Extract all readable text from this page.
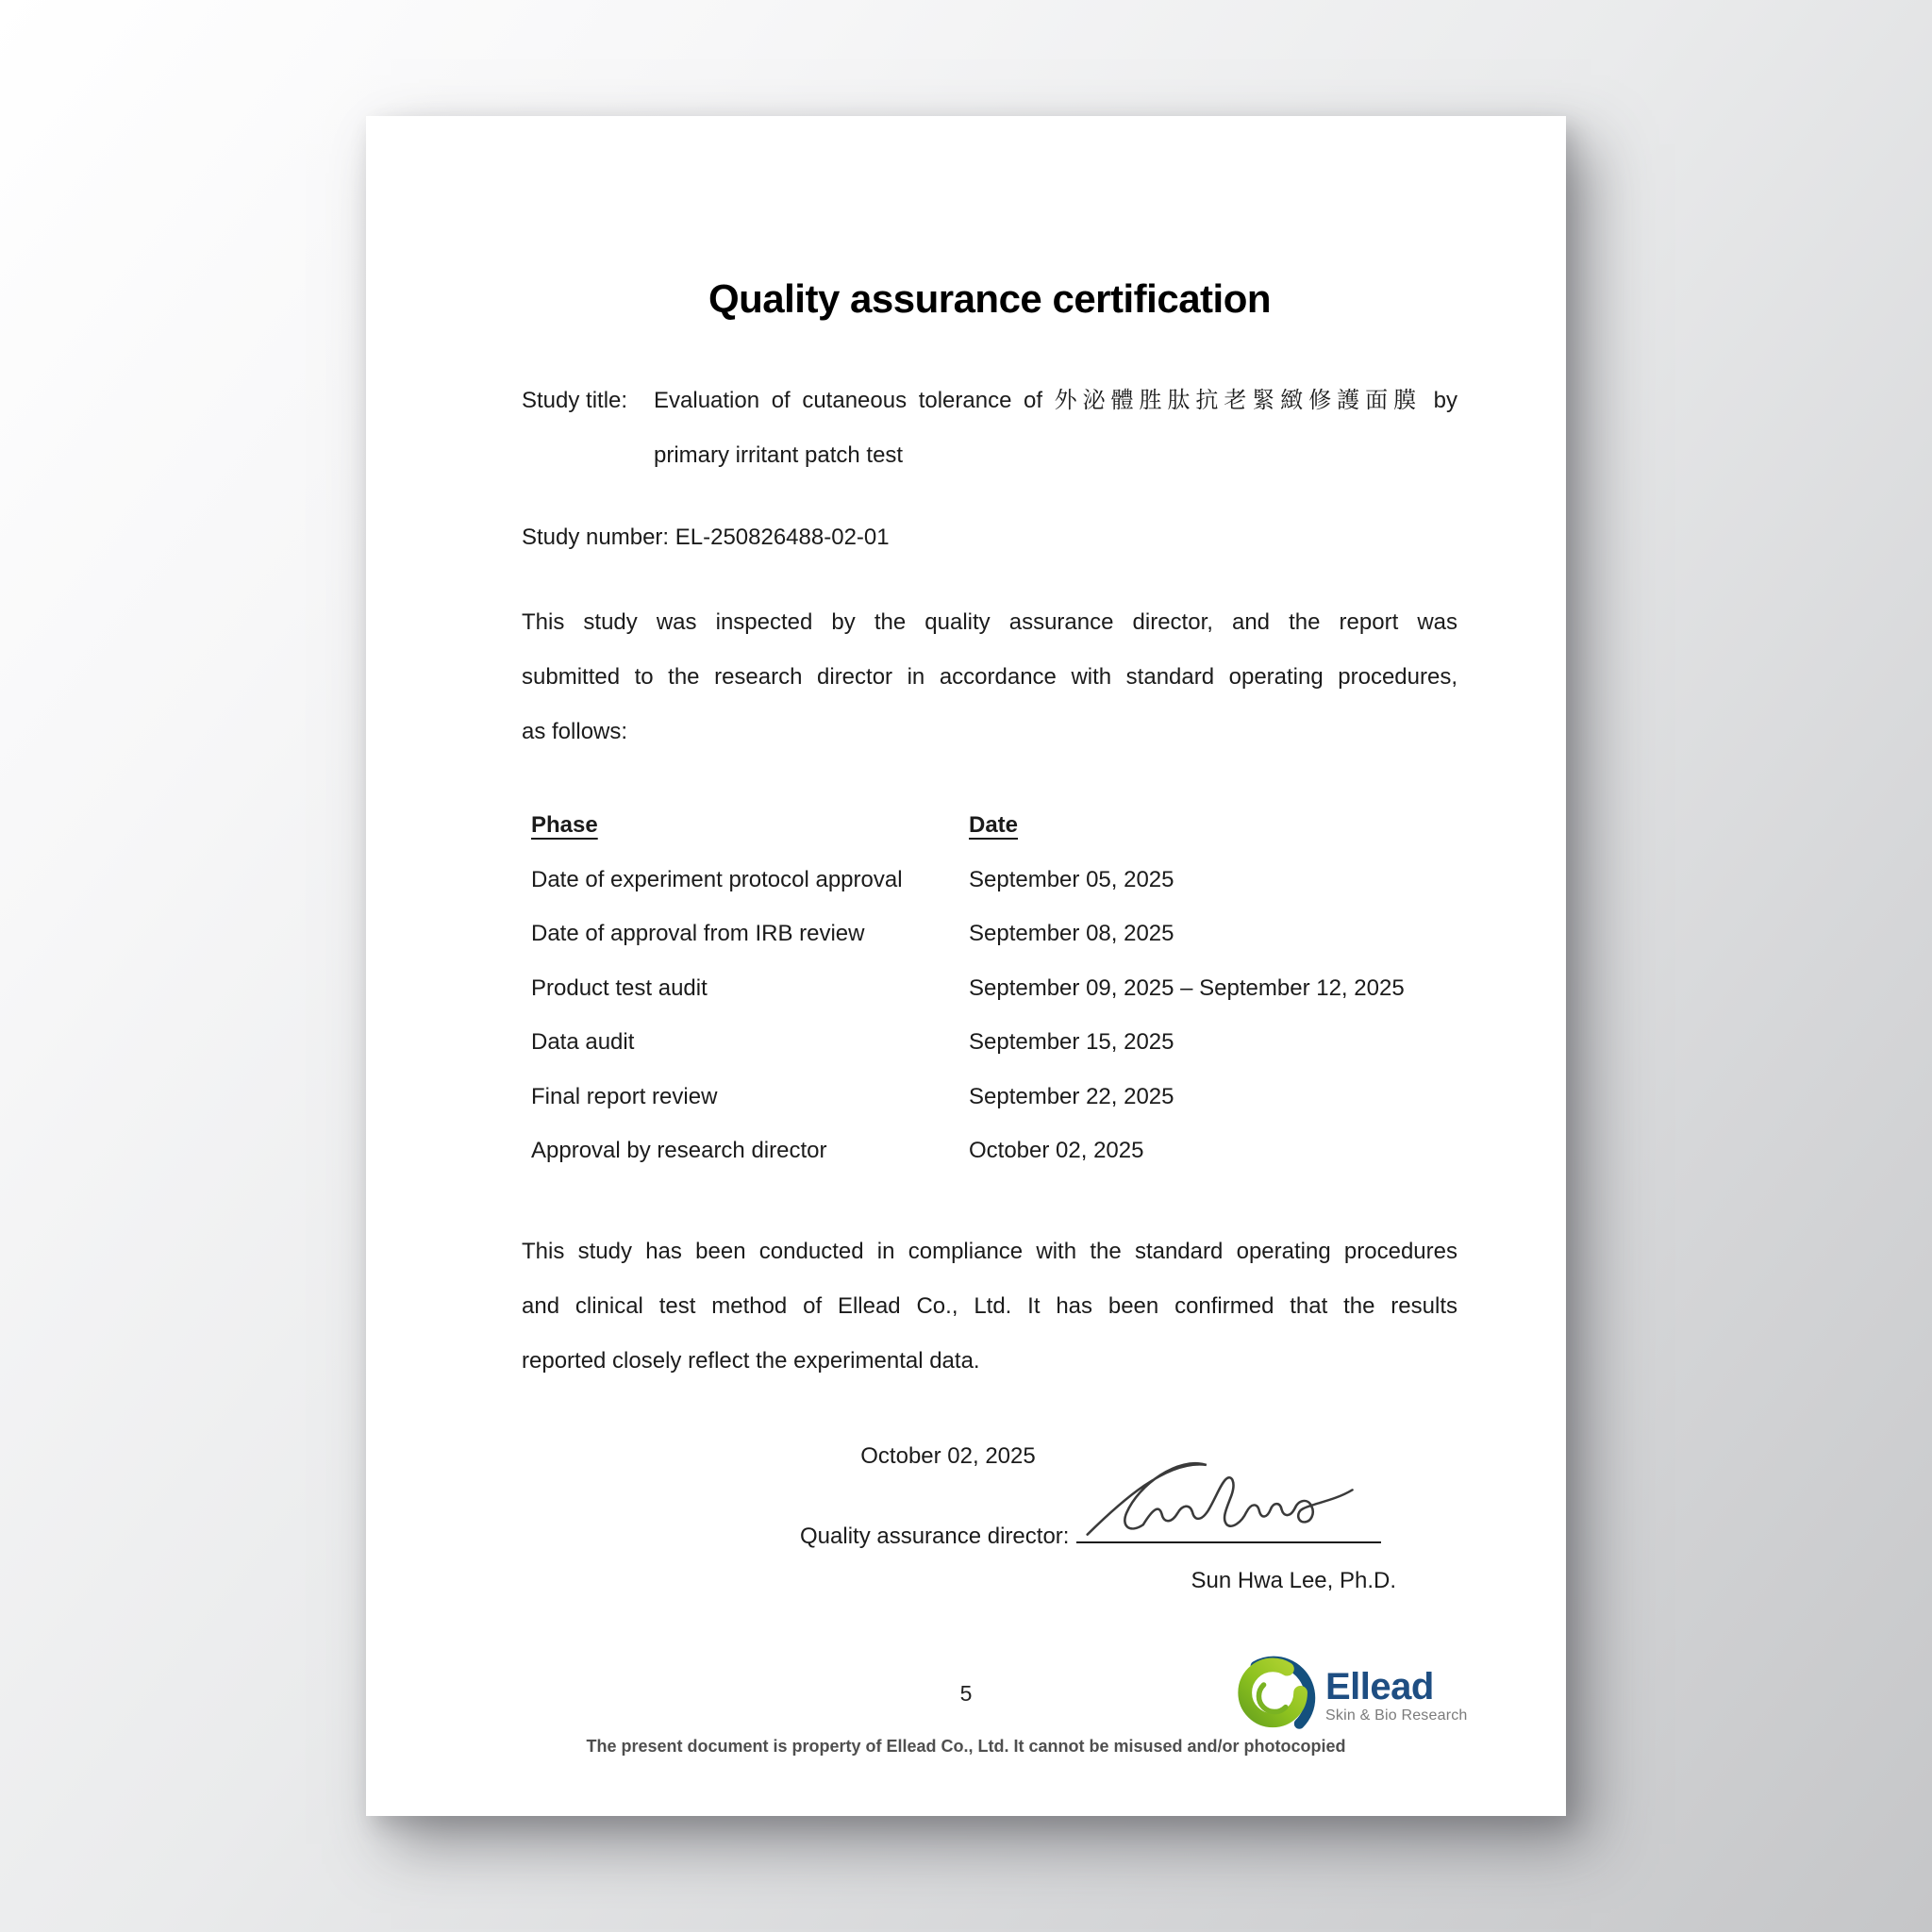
Quality assurance certification
Study title: Evaluation of cutaneous tolerance of 外泌體胜肽抗老緊緻修護面膜 by
primary irritant patch test

Study number: EL-250826488-02-01

This study was inspected by the quality assurance director, and the report was
submitted to the research director in accordance with standard operating procedures,
as follows:
Phase	Date
Date of experiment protocol approval	September 05, 2025
Date of approval from IRB review	September 08, 2025
Product test audit	September 09, 2025 – September 12, 2025
Data audit	September 15, 2025
Final report review	September 22, 2025
Approval by research director	October 02, 2025
This study has been conducted in compliance with the standard operating procedures
and clinical test method of Ellead Co., Ltd. It has been confirmed that the results
reported closely reflect the experimental data.
October 02, 2025
Quality assurance director:
Sun Hwa Lee, Ph.D.
5	Ellead
Skin & Bio Research
The present document is property of Ellead Co., Ltd. It cannot be misused and/or photocopied
